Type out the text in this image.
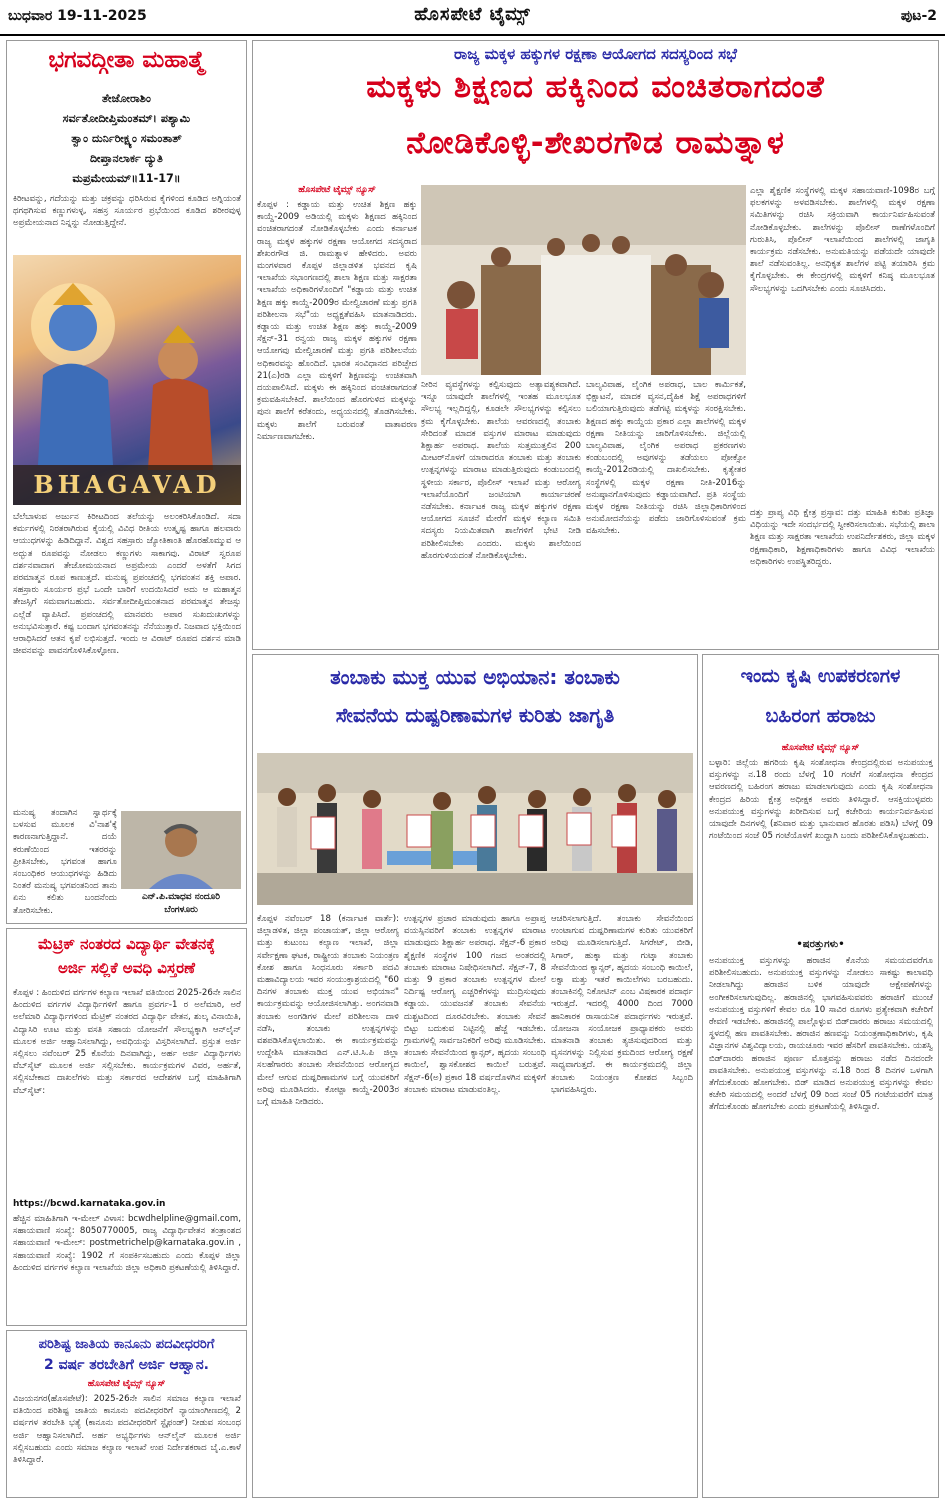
ಬುಧವಾರ 19-11-2025	ಹೊಸಪೇಟೆ ಟೈಮ್ಸ್	ಪುಟ-2
ಭಗವದ್ಗೀತಾ ಮಹಾತ್ಮೆ
ತೇಜೋರಾಶಿಂ
ಸರ್ವತೋದೀಪ್ತಿಮಂತಮ್‌। ಪಶ್ಯಾಮಿ
ತ್ವಾಂ ದುರ್ನಿರೀಕ್ಷ್ಯಂ ಸಮಂತಾತ್‌
ದೀಪ್ತಾನಲಾರ್ಕ ದ್ಯುತಿ
ಮಪ್ರಮೇಯಮ್‌॥11-17॥
ಕಿರೀಟವನ್ನು, ಗದೆಯನ್ನು ಮತ್ತು ಚಕ್ರವನ್ನು ಧರಿಸಿರುವ ಕೈಗಳಿಂದ ಕೂಡಿದ ಅಗ್ನಿಯಂತೆ ಥಗಥಗಿಸುವ ಕಣ್ಣುಗಳುಳ್ಳ, ಸಹಸ್ರ ಸೂರ್ಯರ ಪ್ರಭೆಯಿಂದ ಕೂಡಿದ ಶರೀರವುಳ್ಳ ಅಪ್ರಮೇಯನಾದ ನಿನ್ನನ್ನು ನೋಡುತ್ತಿದ್ದೇನೆ.
BHAGAVAD
ಬೆಲೆಬಾಳುವ ಅರ್ಜುನ ಕಿರೀಟದಿಂದ ತಲೆಯನ್ನು ಅಲಂಕರಿಸಿಕೊಂಡಿದೆ. ಸದಾ ಕರ್ಮಗಳಲ್ಲಿ ನಿರತರಾಗಿರುವ ಕೈಯಲ್ಲಿ ವಿವಿಧ ರೀತಿಯ ಉತ್ಕೃಷ್ಟ ಹಾಗೂ ಹಲವಾರು ಆಯುಧಗಳನ್ನು ಹಿಡಿದಿದ್ದಾನೆ. ವಿಶ್ವದ ಸಹಸ್ರಾರು ಜ್ಯೋತಿಕಾಂತಿ ಹೊರಹೊಮ್ಮುವ ಆ ಅದ್ಭುತ ರೂಪವನ್ನು ನೋಡಲು ಕಣ್ಣುಗಳು ಸಾಕಾಗವು. ವಿರಾಟ್ ಸ್ವರೂಪ ದರ್ಶನವಾದಾಗ ತೇಜೋಮಯನಾದ ಅಪ್ರಮೇಯ ಎಂದರೆ ಅಳತೆಗೆ ಸಿಗದ ಪರಮಾತ್ಮನ ರೂಪ ಕಾಣುತ್ತದೆ. ಮನುಷ್ಯ ಪ್ರಪಂಚದಲ್ಲಿ ಭಗವಂತನ ಶಕ್ತಿ ಅಪಾರ. ಸಹಸ್ರಾರು ಸೂರ್ಯರ ಪ್ರಭೆ ಒಂದೇ ಬಾರಿಗೆ ಉದಯಿಸಿದರೆ ಅದು ಆ ಮಹಾತ್ಮನ ತೇಜಸ್ಸಿಗೆ ಸಮವಾಗಬಹುದು. ಸರ್ವತೋದೀಪ್ತಿಮಂತನಾದ ಪರಮಾತ್ಮನ ತೇಜಸ್ಸು ಎಲ್ಲೆಡೆ ವ್ಯಾಪಿಸಿದೆ. ಪ್ರಪಂಚದಲ್ಲಿ ಮಾನವರು ಅಪಾರ ಸುಖದುಃಖಗಳನ್ನು ಅನುಭವಿಸುತ್ತಾರೆ. ಕಷ್ಟ ಬಂದಾಗ ಭಗವಂತನನ್ನು ನೆನೆಯುತ್ತಾರೆ. ನಿಜವಾದ ಭಕ್ತಿಯಿಂದ ಆರಾಧಿಸಿದರೆ ಆತನ ಕೃಪೆ ಲಭಿಸುತ್ತದೆ. ಇಂದು ಆ ವಿರಾಟ್ ರೂಪದ ದರ್ಶನ ಮಾಡಿ ಜೀವನವನ್ನು ಪಾವನಗೊಳಿಸಿಕೊಳ್ಳೋಣ.
ಮನುಷ್ಯ ತಂದಾಗಿನ ಸ್ವಾರ್ಥಕ್ಕೆ ಬಳಸುವ ಮೂಲಕ ವಿ'ನಾಶ'ಕ್ಕೆ ಕಾರಣನಾಗುತ್ತಿದ್ದಾನೆ. ದಯೆ ಕರುಣೆಯಿಂದ ಇತರರನ್ನು ಪ್ರೀತಿಸಬೇಕು, ಭಗವಂತ ಹಾಗೂ ಸಂಬಂಧಿಕರ ಆಯುಧಗಳನ್ನು ಹಿಡಿದು ನಿಂತರೆ ಮನುಷ್ಯ ಭಗವಂತನಿಂದ ತಾನು ಏನು ಕಲಿತು ಬಂದನೆಂದು ತೋರಿಸಬೇಕು.
ಎನ್.ಪಿ.ಮಾಧವ ನಂದೂರಿ
ಬೆಂಗಳೂರು
ಮೆಟ್ರಿಕ್ ನಂತರದ ವಿದ್ಯಾರ್ಥಿ ವೇತನಕ್ಕೆ
ಅರ್ಜಿ ಸಲ್ಲಿಕೆ ಅವಧಿ ವಿಸ್ತರಣೆ
ಕೊಪ್ಪಳ : ಹಿಂದುಳಿದ ವರ್ಗಗಳ ಕಲ್ಯಾಣ ಇಲಾಖೆ ವತಿಯಿಂದ 2025-26ನೇ ಸಾಲಿನ ಹಿಂದುಳಿದ ವರ್ಗಗಳ ವಿದ್ಯಾರ್ಥಿಗಳಿಗೆ ಹಾಗೂ ಪ್ರವರ್ಗ-1 ರ ಅಲೆಮಾರಿ, ಅರೆ ಅಲೆಮಾರಿ ವಿದ್ಯಾರ್ಥಿಗಳಿಂದ ಮೆಟ್ರಿಕ್ ನಂತರದ ವಿದ್ಯಾರ್ಥಿ ವೇತನ, ಶುಲ್ಕ ವಿನಾಯಿತಿ, ವಿದ್ಯಾಸಿರಿ ಊಟ ಮತ್ತು ವಸತಿ ಸಹಾಯ ಯೋಜನೆಗೆ ಸೌಲಭ್ಯಕ್ಕಾಗಿ ಆನ್‌ಲೈನ್ ಮೂಲಕ ಅರ್ಜಿ ಆಹ್ವಾನಿಸಲಾಗಿದ್ದು, ಅವಧಿಯನ್ನು ವಿಸ್ತರಿಸಲಾಗಿದೆ. ಪ್ರಸ್ತುತ ಅರ್ಜಿ ಸಲ್ಲಿಸಲು ನವೆಂಬರ್ 25 ಕೊನೆಯ ದಿನವಾಗಿದ್ದು, ಅರ್ಹ ಅರ್ಜಿ ವಿದ್ಯಾರ್ಥಿಗಳು ವೆಬ್‌ಸೈಟ್ ಮೂಲಕ ಅರ್ಜಿ ಸಲ್ಲಿಸಬೇಕು. ಕಾರ್ಯಕ್ರಮಗಳ ವಿವರ, ಅರ್ಹತೆ, ಸಲ್ಲಿಸಬೇಕಾದ ದಾಖಲೆಗಳು ಮತ್ತು ಸರ್ಕಾರದ ಆದೇಶಗಳ ಬಗ್ಗೆ ಮಾಹಿತಿಗಾಗಿ ವೆಬ್‌ಸೈಟ್:
https://bcwd.karnataka.gov.in
ಹೆಚ್ಚಿನ ಮಾಹಿತಿಗಾಗಿ ಇ-ಮೇಲ್ ವಿಳಾಸ: bcwdhelpline@gmail.com, ಸಹಾಯವಾಣಿ ಸಂಖ್ಯೆ: 8050770005, ರಾಜ್ಯ ವಿದ್ಯಾರ್ಥಿವೇತನ ತಂತ್ರಾಂಶದ ಸಹಾಯವಾಣಿ ಇ-ಮೇಲ್: postmetrichelp@karnataka.gov.in , ಸಹಾಯವಾಣಿ ಸಂಖ್ಯೆ: 1902 ಗೆ ಸಂಪರ್ಕಿಸಬಹುದು ಎಂದು ಕೊಪ್ಪಳ ಜಿಲ್ಲಾ ಹಿಂದುಳಿದ ವರ್ಗಗಳ ಕಲ್ಯಾಣ ಇಲಾಖೆಯ ಜಿಲ್ಲಾ ಅಧಿಕಾರಿ ಪ್ರಕಟಣೆಯಲ್ಲಿ ತಿಳಿಸಿದ್ದಾರೆ.
ಪರಿಶಿಷ್ಟ ಜಾತಿಯ ಕಾನೂನು ಪದವೀಧರರಿಗೆ
2 ವರ್ಷ ತರಬೇತಿಗೆ ಅರ್ಜಿ ಆಹ್ವಾನ.
ಹೊಸಪೇಟೆ ಟೈಮ್ಸ್ ನ್ಯೂಸ್
ವಿಜಯನಗರ(ಹೊಸಪೇಟೆ): 2025-26ನೇ ಸಾಲಿನ ಸಮಾಜ ಕಲ್ಯಾಣ ಇಲಾಖೆ ವತಿಯಿಂದ ಪರಿಶಿಷ್ಟ ಜಾತಿಯ ಕಾನೂನು ಪದವೀಧರರಿಗೆ ನ್ಯಾಯಾಂಗೀಣದಲ್ಲಿ 2 ವರ್ಷಗಳ ತರಬೇತಿ ಭತ್ಯೆ (ಕಾನೂನು ಪದವೀಧರರಿಗೆ ಸ್ಟೈಫಂಡ್) ನೀಡುವ ಸಂಬಂಧ ಅರ್ಜಿ ಆಹ್ವಾನಿಸಲಾಗಿದೆ. ಅರ್ಹ ಅಭ್ಯರ್ಥಿಗಳು ಆನ್‌ಲೈನ್ ಮೂಲಕ ಅರ್ಜಿ ಸಲ್ಲಿಸಬಹುದು ಎಂದು ಸಮಾಜ ಕಲ್ಯಾಣ ಇಲಾಖೆ ಉಪ ನಿರ್ದೇಶಕರಾದ ಬೈ.ಎ.ಕಾಳೆ ತಿಳಿಸಿದ್ದಾರೆ.
ರಾಜ್ಯ ಮಕ್ಕಳ ಹಕ್ಕುಗಳ ರಕ್ಷಣಾ ಆಯೋಗದ ಸದಸ್ಯರಿಂದ ಸಭೆ
ಮಕ್ಕಳು ಶಿಕ್ಷಣದ ಹಕ್ಕಿನಿಂದ ವಂಚಿತರಾಗದಂತೆ
ನೋಡಿಕೊಳ್ಳಿ-ಶೇಖರಗೌಡ ರಾಮತ್ನಾಳ
ಹೊಸಪೇಟೆ ಟೈಮ್ಸ್ ನ್ಯೂಸ್
ಕೊಪ್ಪಳ : ಕಡ್ಡಾಯ ಮತ್ತು ಉಚಿತ ಶಿಕ್ಷಣ ಹಕ್ಕು ಕಾಯ್ದೆ-2009 ಅಡಿಯಲ್ಲಿ ಮಕ್ಕಳು ಶಿಕ್ಷಣದ ಹಕ್ಕಿನಿಂದ ವಂಚಿತರಾಗದಂತೆ ನೋಡಿಕೊಳ್ಳಬೇಕು ಎಂದು ಕರ್ನಾಟಕ ರಾಜ್ಯ ಮಕ್ಕಳ ಹಕ್ಕುಗಳ ರಕ್ಷಣಾ ಆಯೋಗದ ಸದಸ್ಯರಾದ ಶೇಖರಗೌಡ ಜಿ. ರಾಮತ್ನಾಳ ಹೇಳಿದರು. ಅವರು ಮಂಗಳವಾರ ಕೊಪ್ಪಳ ಜಿಲ್ಲಾಡಳಿತ ಭವನದ ಕೃಷಿ ಇಲಾಖೆಯ ಸಭಾಂಗಣದಲ್ಲಿ ಶಾಲಾ ಶಿಕ್ಷಣ ಮತ್ತು ಸಾಕ್ಷರತಾ ಇಲಾಖೆಯ ಅಧಿಕಾರಿಗಳೊಂದಿಗೆ "ಕಡ್ಡಾಯ ಮತ್ತು ಉಚಿತ ಶಿಕ್ಷಣ ಹಕ್ಕು ಕಾಯ್ದೆ-2009ರ ಮೇಲ್ವಿಚಾರಣೆ ಮತ್ತು ಪ್ರಗತಿ ಪರಿಶೀಲನಾ ಸಭೆ"ಯ ಅಧ್ಯಕ್ಷತೆವಹಿಸಿ ಮಾತನಾಡಿದರು. ಕಡ್ಡಾಯ ಮತ್ತು ಉಚಿತ ಶಿಕ್ಷಣ ಹಕ್ಕು ಕಾಯ್ದೆ-2009 ಸೆಕ್ಷನ್-31 ರನ್ವಯ ರಾಜ್ಯ ಮಕ್ಕಳ ಹಕ್ಕುಗಳ ರಕ್ಷಣಾ ಆಯೋಗವು ಮೇಲ್ವಿಚಾರಣೆ ಮತ್ತು ಪ್ರಗತಿ ಪರಿಶೀಲನೆಯ ಅಧಿಕಾರವನ್ನು ಹೊಂದಿದೆ. ಭಾರತ ಸಂವಿಧಾನದ ಪರಿಚ್ಛೇದ 21(ಎ)ರಡಿ ಎಲ್ಲಾ ಮಕ್ಕಳಿಗೆ ಶಿಕ್ಷಣವನ್ನು ಉಚಿತವಾಗಿ ದಯಪಾಲಿಸಿದೆ. ಮಕ್ಕಳು ಈ ಹಕ್ಕಿನಿಂದ ವಂಚಿತರಾಗದಂತೆ ಕ್ರಮವಹಿಸಬೇಕಿದೆ. ಶಾಲೆಯಿಂದ ಹೊರಗುಳಿದ ಮಕ್ಕಳನ್ನು ಪುನಃ ಶಾಲೆಗೆ ಕರೆತಂದು, ಅಧ್ಯಯನದಲ್ಲಿ ತೊಡಗಿಸಬೇಕು. ಮಕ್ಕಳು ಶಾಲೆಗೆ ಬರುವಂತೆ ವಾತಾವರಣ ನಿರ್ಮಾಣವಾಗಬೇಕು.
ನೀರಿನ ವ್ಯವಸ್ಥೆಗಳನ್ನು ಕಲ್ಪಿಸುವುದು ಅತ್ಯಾವಶ್ಯಕವಾಗಿದೆ. ಇನ್ನೂ ಯಾವುದೇ ಶಾಲೆಗಳಲ್ಲಿ ಇಂತಹ ಮೂಲಭೂತ ಸೌಲಭ್ಯ ಇಲ್ಲದಿದ್ದಲ್ಲಿ, ಕೂಡಲೇ ಸೌಲಭ್ಯಗಳನ್ನು ಕಲ್ಪಿಸಲು ಕ್ರಮ ಕೈಗೊಳ್ಳಬೇಕು. ಶಾಲೆಯ ಆವರಣದಲ್ಲಿ ತಂಬಾಕು ಸೇರಿದಂತೆ ಮಾದಕ ವಸ್ತುಗಳ ಮಾರಾಟ ಮಾಡುವುದು ಶಿಕ್ಷಾರ್ಹ ಅಪರಾಧ. ಶಾಲೆಯ ಸುತ್ತಮುತ್ತಲಿನ 200 ಮೀಟರ್‌ನೊಳಗೆ ಯಾರಾದರೂ ತಂಬಾಕು ಮತ್ತು ತಂಬಾಕು ಉತ್ಪನ್ನಗಳನ್ನು ಮಾರಾಟ ಮಾಡುತ್ತಿರುವುದು ಕಂಡುಬಂದಲ್ಲಿ ಸ್ಥಳೀಯ ಸರ್ಕಾರ, ಪೊಲೀಸ್ ಇಲಾಖೆ ಮತ್ತು ಆರೋಗ್ಯ ಇಲಾಖೆಯೊಂದಿಗೆ ಜಂಟಿಯಾಗಿ ಕಾರ್ಯಾಚರಣೆ ನಡೆಸಬೇಕು. ಕರ್ನಾಟಕ ರಾಜ್ಯ ಮಕ್ಕಳ ಹಕ್ಕುಗಳ ರಕ್ಷಣಾ ಆಯೋಗದ ಸೂಚನೆ ಮೇರೆಗೆ ಮಕ್ಕಳ ಕಲ್ಯಾಣ ಸಮಿತಿ ಸದಸ್ಯರು ನಿಯಮಿತವಾಗಿ ಶಾಲೆಗಳಿಗೆ ಭೇಟಿ ನೀಡಿ ಪರಿಶೀಲಿಸಬೇಕು ಎಂದರು. ಮಕ್ಕಳು ಶಾಲೆಯಿಂದ ಹೊರಗುಳಿಯದಂತೆ ನೋಡಿಕೊಳ್ಳಬೇಕು.
ಬಾಲ್ಯವಿವಾಹ, ಲೈಂಗಿಕ ಅಪರಾಧ, ಬಾಲ ಕಾರ್ಮಿಕತೆ, ಭಿಕ್ಷಾಟನೆ, ಮಾದಕ ವ್ಯಸನ,ದೈಹಿಕ ಶಿಕ್ಷೆ ಅಪರಾಧಗಳಿಗೆ ಬಲಿಯಾಗುತ್ತಿರುವುದು ತಡೆಗಟ್ಟಿ ಮಕ್ಕಳನ್ನು ಸಂರಕ್ಷಿಸಬೇಕು. ಶಿಕ್ಷಣದ ಹಕ್ಕು ಕಾಯ್ದೆಯ ಪ್ರಕಾರ ಎಲ್ಲಾ ಶಾಲೆಗಳಲ್ಲಿ ಮಕ್ಕಳ ರಕ್ಷಣಾ ನೀತಿಯನ್ನು ಜಾರಿಗೊಳಿಸಬೇಕು. ಜಿಲ್ಲೆಯಲ್ಲಿ ಬಾಲ್ಯವಿವಾಹ, ಲೈಂಗಿಕ ಅಪರಾಧ ಪ್ರಕರಣಗಳು ಕಂಡುಬಂದಲ್ಲಿ ಅವುಗಳನ್ನು ತಡೆಯಲು ಪೋಕ್ಸೋ ಕಾಯ್ದೆ-2012ರಡಿಯಲ್ಲಿ ದಾಖಲಿಸಬೇಕು. ಕೃತ್ಯೇತರ ಸಂಸ್ಥೆಗಳಲ್ಲಿ ಮಕ್ಕಳ ರಕ್ಷಣಾ ನೀತಿ-2016ನ್ನು ಅನುಷ್ಠಾನಗೊಳಿಸುವುದು ಕಡ್ಡಾಯವಾಗಿದೆ. ಪ್ರತಿ ಸಂಸ್ಥೆಯ ಮಕ್ಕಳ ರಕ್ಷಣಾ ನೀತಿಯನ್ನು ರಚಿಸಿ ಜಿಲ್ಲಾಧಿಕಾರಿಗಳಿಂದ ಅನುಮೋದನೆಯನ್ನು ಪಡೆದು ಜಾರಿಗೊಳಿಸುವಂತೆ ಕ್ರಮ ವಹಿಸಬೇಕು.
ಎಲ್ಲಾ ಶೈಕ್ಷಣಿಕ ಸಂಸ್ಥೆಗಳಲ್ಲಿ ಮಕ್ಕಳ ಸಹಾಯವಾಣಿ-1098ರ ಬಗ್ಗೆ ಫಲಕಗಳನ್ನು ಅಳವಡಿಸಬೇಕು. ಶಾಲೆಗಳಲ್ಲಿ ಮಕ್ಕಳ ರಕ್ಷಣಾ ಸಮಿತಿಗಳನ್ನು ರಚಿಸಿ ಸಕ್ರಿಯವಾಗಿ ಕಾರ್ಯನಿರ್ವಹಿಸುವಂತೆ ನೋಡಿಕೊಳ್ಳಬೇಕು. ಶಾಲೆಗಳನ್ನು ಪೊಲೀಸ್ ಠಾಣೆಗಳೊಂದಿಗೆ ಗುರುತಿಸಿ, ಪೊಲೀಸ್ ಇಲಾಖೆಯಿಂದ ಶಾಲೆಗಳಲ್ಲಿ ಜಾಗೃತಿ ಕಾರ್ಯಕ್ರಮ ನಡೆಸಬೇಕು. ಅನುಮತಿಯನ್ನು ಪಡೆಯದೇ ಯಾವುದೇ ಶಾಲೆ ನಡೆಸುವಂತಿಲ್ಲ. ಅನಧಿಕೃತ ಶಾಲೆಗಳ ಪಟ್ಟಿ ತಯಾರಿಸಿ ಕ್ರಮ ಕೈಗೊಳ್ಳಬೇಕು. ಈ ಕೇಂದ್ರಗಳಲ್ಲಿ ಮಕ್ಕಳಿಗೆ ಕನಿಷ್ಠ ಮೂಲಭೂತ ಸೌಲಭ್ಯಗಳನ್ನು ಒದಗಿಸಬೇಕು ಎಂದು ಸೂಚಿಸಿದರು.
ದತ್ತು ಪ್ರಾಪ್ಯ ವಿಧಿ ಕ್ಷೇತ್ರ ಪ್ರಸ್ತಾವ: ದತ್ತು ಮಾಹಿತಿ ಕುರಿತು ಪ್ರತಿಜ್ಞಾ ವಿಧಿಯನ್ನು ಇದೇ ಸಂದರ್ಭದಲ್ಲಿ ಸ್ವೀಕರಿಸಲಾಯಿತು. ಸಭೆಯಲ್ಲಿ ಶಾಲಾ ಶಿಕ್ಷಣ ಮತ್ತು ಸಾಕ್ಷರತಾ ಇಲಾಖೆಯ ಉಪನಿರ್ದೇಶಕರು, ಜಿಲ್ಲಾ ಮಕ್ಕಳ ರಕ್ಷಣಾಧಿಕಾರಿ, ಶಿಕ್ಷಣಾಧಿಕಾರಿಗಳು ಹಾಗೂ ವಿವಿಧ ಇಲಾಖೆಯ ಅಧಿಕಾರಿಗಳು ಉಪಸ್ಥಿತರಿದ್ದರು.
ತಂಬಾಕು ಮುಕ್ತ ಯುವ ಅಭಿಯಾನ: ತಂಬಾಕು
ಸೇವನೆಯ ದುಷ್ಪರಿಣಾಮಗಳ ಕುರಿತು ಜಾಗೃತಿ
ಕೊಪ್ಪಳ ನವೆಂಬರ್ 18 (ಕರ್ನಾಟಕ ವಾರ್ತೆ): ಜಿಲ್ಲಾಡಳಿತ, ಜಿಲ್ಲಾ ಪಂಚಾಯತ್, ಜಿಲ್ಲಾ ಆರೋಗ್ಯ ಮತ್ತು ಕುಟುಂಬ ಕಲ್ಯಾಣ ಇಲಾಖೆ, ಜಿಲ್ಲಾ ಸರ್ವೇಕ್ಷಣಾ ಘಟಕ, ರಾಷ್ಟ್ರೀಯ ತಂಬಾಕು ನಿಯಂತ್ರಣ ಕೋಶ ಹಾಗೂ ಸಿಂಧನೂರು ಸರ್ಕಾರಿ ಪದವಿ ಮಹಾವಿದ್ಯಾಲಯ ಇವರ ಸಂಯುಕ್ತಾಶ್ರಯದಲ್ಲಿ "60 ದಿನಗಳ ತಂಬಾಕು ಮುಕ್ತ ಯುವ ಅಭಿಯಾನ" ಕಾರ್ಯಕ್ರಮವನ್ನು ಆಯೋಜಿಸಲಾಗಿತ್ತು. ಅಂಗನವಾಡಿ ತಂಬಾಕು ಅಂಗಡಿಗಳ ಮೇಲೆ ಪರಿಶೀಲನಾ ದಾಳಿ ನಡೆಸಿ, ತಂಬಾಕು ಉತ್ಪನ್ನಗಳನ್ನು ವಶಪಡಿಸಿಕೊಳ್ಳಲಾಯಿತು. ಈ ಕಾರ್ಯಕ್ರಮವನ್ನು ಉದ್ದೇಶಿಸಿ ಮಾತನಾಡಿದ ಎನ್.ಟಿ.ಸಿ.ಪಿ ಜಿಲ್ಲಾ ಸಲಹೆಗಾರರು ತಂಬಾಕು ಸೇವನೆಯಿಂದ ಆರೋಗ್ಯದ ಮೇಲೆ ಆಗುವ ದುಷ್ಪರಿಣಾಮಗಳ ಬಗ್ಗೆ ಯುವಕರಿಗೆ ಅರಿವು ಮೂಡಿಸಿದರು. ಕೋಟ್ಪಾ ಕಾಯ್ದೆ-2003ರ ಬಗ್ಗೆ ಮಾಹಿತಿ ನೀಡಿದರು.
ಉತ್ಪನ್ನಗಳ ಪ್ರಚಾರ ಮಾಡುವುದು ಹಾಗೂ ಅಪ್ರಾಪ್ತ ವಯಸ್ಸಿನವರಿಗೆ ತಂಬಾಕು ಉತ್ಪನ್ನಗಳ ಮಾರಾಟ ಮಾಡುವುದು ಶಿಕ್ಷಾರ್ಹ ಅಪರಾಧ. ಸೆಕ್ಷನ್-6 ಪ್ರಕಾರ ಶೈಕ್ಷಣಿಕ ಸಂಸ್ಥೆಗಳ 100 ಗಜದ ಅಂತರದಲ್ಲಿ ತಂಬಾಕು ಮಾರಾಟ ನಿಷೇಧಿಸಲಾಗಿದೆ. ಸೆಕ್ಷನ್-7, 8 ಮತ್ತು 9 ಪ್ರಕಾರ ತಂಬಾಕು ಉತ್ಪನ್ನಗಳ ಮೇಲೆ ನಿರ್ದಿಷ್ಟ ಆರೋಗ್ಯ ಎಚ್ಚರಿಕೆಗಳನ್ನು ಮುದ್ರಿಸುವುದು ಕಡ್ಡಾಯ. ಯುವಜನತೆ ತಂಬಾಕು ಸೇವನೆಯ ದುಶ್ಚಟದಿಂದ ದೂರವಿರಬೇಕು. ತಂಬಾಕು ಸೇವನೆ ಬಿಟ್ಟು ಬದುಕುವ ನಿಟ್ಟಿನಲ್ಲಿ ಹೆಜ್ಜೆ ಇಡಬೇಕು. ಗ್ರಾಮಗಳಲ್ಲಿ ಸಾರ್ವಜನಿಕರಿಗೆ ಅರಿವು ಮೂಡಿಸಬೇಕು. ತಂಬಾಕು ಸೇವನೆಯಿಂದ ಕ್ಯಾನ್ಸರ್, ಹೃದಯ ಸಂಬಂಧಿ ಕಾಯಿಲೆ, ಶ್ವಾಸಕೋಶದ ಕಾಯಿಲೆ ಬರುತ್ತವೆ. ಸೆಕ್ಷನ್-6(ಅ) ಪ್ರಕಾರ 18 ವರ್ಷದೊಳಗಿನ ಮಕ್ಕಳಿಗೆ ತಂಬಾಕು ಮಾರಾಟ ಮಾಡುವಂತಿಲ್ಲ.
ಆಚರಿಸಲಾಗುತ್ತಿದೆ. ತಂಬಾಕು ಸೇವನೆಯಿಂದ ಉಂಟಾಗುವ ದುಷ್ಪರಿಣಾಮಗಳ ಕುರಿತು ಯುವಕರಿಗೆ ಅರಿವು ಮೂಡಿಸಲಾಗುತ್ತಿದೆ. ಸಿಗರೇಟ್, ಬೀಡಿ, ಸಿಗಾರ್, ಹುಕ್ಕಾ ಮತ್ತು ಗುಟ್ಕಾ ತಂಬಾಕು ಸೇವನೆಯಿಂದ ಕ್ಯಾನ್ಸರ್, ಹೃದಯ ಸಂಬಂಧಿ ಕಾಯಿಲೆ, ಲಕ್ವಾ ಮತ್ತು ಇತರೆ ಕಾಯಿಲೆಗಳು ಬರಬಹುದು. ತಂಬಾಕಿನಲ್ಲಿ ನಿಕೋಟಿನ್ ಎಂಬ ವಿಷಕಾರಕ ಪದಾರ್ಥ ಇರುತ್ತದೆ. ಇದರಲ್ಲಿ 4000 ದಿಂದ 7000 ಹಾನಿಕಾರಕ ರಾಸಾಯನಿಕ ಪದಾರ್ಥಗಳು ಇರುತ್ತವೆ. ಯೋಜನಾ ಸಂಯೋಜಕ ಪ್ರಾಧ್ಯಾಪಕರು ಅವರು ಮಾತನಾಡಿ ತಂಬಾಕು ತ್ಯಜಿಸುವುದರಿಂದ ಮತ್ತು ವ್ಯಸನಗಳನ್ನು ನಿಲ್ಲಿಸುವ ಕ್ರಮದಿಂದ ಆರೋಗ್ಯ ರಕ್ಷಣೆ ಸಾಧ್ಯವಾಗುತ್ತದೆ. ಈ ಕಾರ್ಯಕ್ರಮದಲ್ಲಿ ಜಿಲ್ಲಾ ತಂಬಾಕು ನಿಯಂತ್ರಣ ಕೋಶದ ಸಿಬ್ಬಂದಿ ಭಾಗವಹಿಸಿದ್ದರು.
ಇಂದು ಕೃಷಿ ಉಪಕರಣಗಳ
ಬಹಿರಂಗ ಹರಾಜು
ಹೊಸಪೇಟೆ ಟೈಮ್ಸ್ ನ್ಯೂಸ್
ಬಳ್ಳಾರಿ: ಜಿಲ್ಲೆಯ ಹಗರಿಯ ಕೃಷಿ ಸಂಶೋಧನಾ ಕೇಂದ್ರದಲ್ಲಿರುವ ಅನುಪಯುಕ್ತ ವಸ್ತುಗಳನ್ನು ನ.18 ರಂದು ಬೆಳಗ್ಗೆ 10 ಗಂಟೆಗೆ ಸಂಶೋಧನಾ ಕೇಂದ್ರದ ಆವರಣದಲ್ಲಿ ಬಹಿರಂಗ ಹರಾಜು ಮಾಡಲಾಗುವುದು ಎಂದು ಕೃಷಿ ಸಂಶೋಧನಾ ಕೇಂದ್ರದ ಹಿರಿಯ ಕ್ಷೇತ್ರ ಅಧೀಕ್ಷಕ ಅವರು ತಿಳಿಸಿದ್ದಾರೆ. ಆಸಕ್ತಿಯುಳ್ಳವರು ಅನುಪಯುಕ್ತ ವಸ್ತುಗಳನ್ನು ಖರೀದಿಸುವ ಬಗ್ಗೆ ಕಚೇರಿಯ ಕಾರ್ಯನಿರ್ವಹಿಸುವ ಯಾವುದೇ ದಿನಗಳಲ್ಲಿ (ಶನಿವಾರ ಮತ್ತು ಭಾನುವಾರ ಹೊರತು ಪಡಿಸಿ) ಬೆಳಗ್ಗೆ 09 ಗಂಟೆಯಿಂದ ಸಂಜೆ 05 ಗಂಟೆಯೊಳಗೆ ಖುದ್ದಾಗಿ ಬಂದು ಪರಿಶೀಲಿಸಿಕೊಳ್ಳಬಹುದು.
•ಷರತ್ತುಗಳು•
ಅನುಪಯುಕ್ತ ವಸ್ತುಗಳನ್ನು ಹರಾಜಿನ ಕೊನೆಯ ಸಮಯದವರೆಗೂ ಪರಿಶೀಲಿಸಬಹುದು. ಅನುಪಯುಕ್ತ ವಸ್ತುಗಳನ್ನು ನೋಡಲು ಸಾಕಷ್ಟು ಕಾಲಾವಧಿ ನೀಡಲಾಗಿದ್ದು ಹರಾಜಿನ ಬಳಿಕ ಯಾವುದೇ ಆಕ್ಷೇಪಣೆಗಳನ್ನು ಅಂಗೀಕರಿಸಲಾಗುವುದಿಲ್ಲ. ಹರಾಜಿನಲ್ಲಿ ಭಾಗವಹಿಸುವವರು ಹರಾಜಿಗೆ ಮುಂಚೆ ಅನುಪಯುಕ್ತ ವಸ್ತುಗಳಿಗೆ ಕೇವಲ ರೂ 10 ಸಾವಿರ ರೂಗಳು ಪ್ರತ್ಯೇಕವಾಗಿ ಕಚೇರಿಗೆ ಠೇವಣಿ ಇಡಬೇಕು. ಹರಾಜಿನಲ್ಲಿ ಪಾಲ್ಗೊಳ್ಳುವ ಬಿಡ್‌ದಾರರು ಹರಾಜು ಸಮಯದಲ್ಲಿ ಸ್ಥಳದಲ್ಲಿ ಹಣ ಪಾವತಿಸಬೇಕು. ಹರಾಜಿನ ಹಣವನ್ನು ನಿಯಂತ್ರಣಾಧಿಕಾರಿಗಳು, ಕೃಷಿ ವಿಜ್ಞಾನಗಳ ವಿಶ್ವವಿದ್ಯಾಲಯ, ರಾಯಚೂರು ಇವರ ಹೆಸರಿಗೆ ಪಾವತಿಸಬೇಕು. ಯಶಸ್ವಿ ಬಿಡ್‌ದಾರರು ಹರಾಜಿನ ಪೂರ್ಣ ಮೊತ್ತವನ್ನು ಹರಾಜು ನಡೆದ ದಿನದಂದೇ ಪಾವತಿಸಬೇಕು. ಅನುಪಯುಕ್ತ ವಸ್ತುಗಳನ್ನು ನ.18 ರಿಂದ 8 ದಿನಗಳ ಒಳಗಾಗಿ ತೆಗೆದುಕೊಂಡು ಹೋಗಬೇಕು. ಬಿಡ್ ಮಾಡಿದ ಅನುಪಯುಕ್ತ ವಸ್ತುಗಳನ್ನು ಕೇವಲ ಕಚೇರಿ ಸಮಯದಲ್ಲಿ ಅಂದರೆ ಬೆಳಗ್ಗೆ 09 ರಿಂದ ಸಂಜೆ 05 ಗಂಟೆಯವರೆಗೆ ಮಾತ್ರ ತೆಗೆದುಕೊಂಡು ಹೋಗಬೇಕು ಎಂದು ಪ್ರಕಟಣೆಯಲ್ಲಿ ತಿಳಿಸಿದ್ದಾರೆ.
